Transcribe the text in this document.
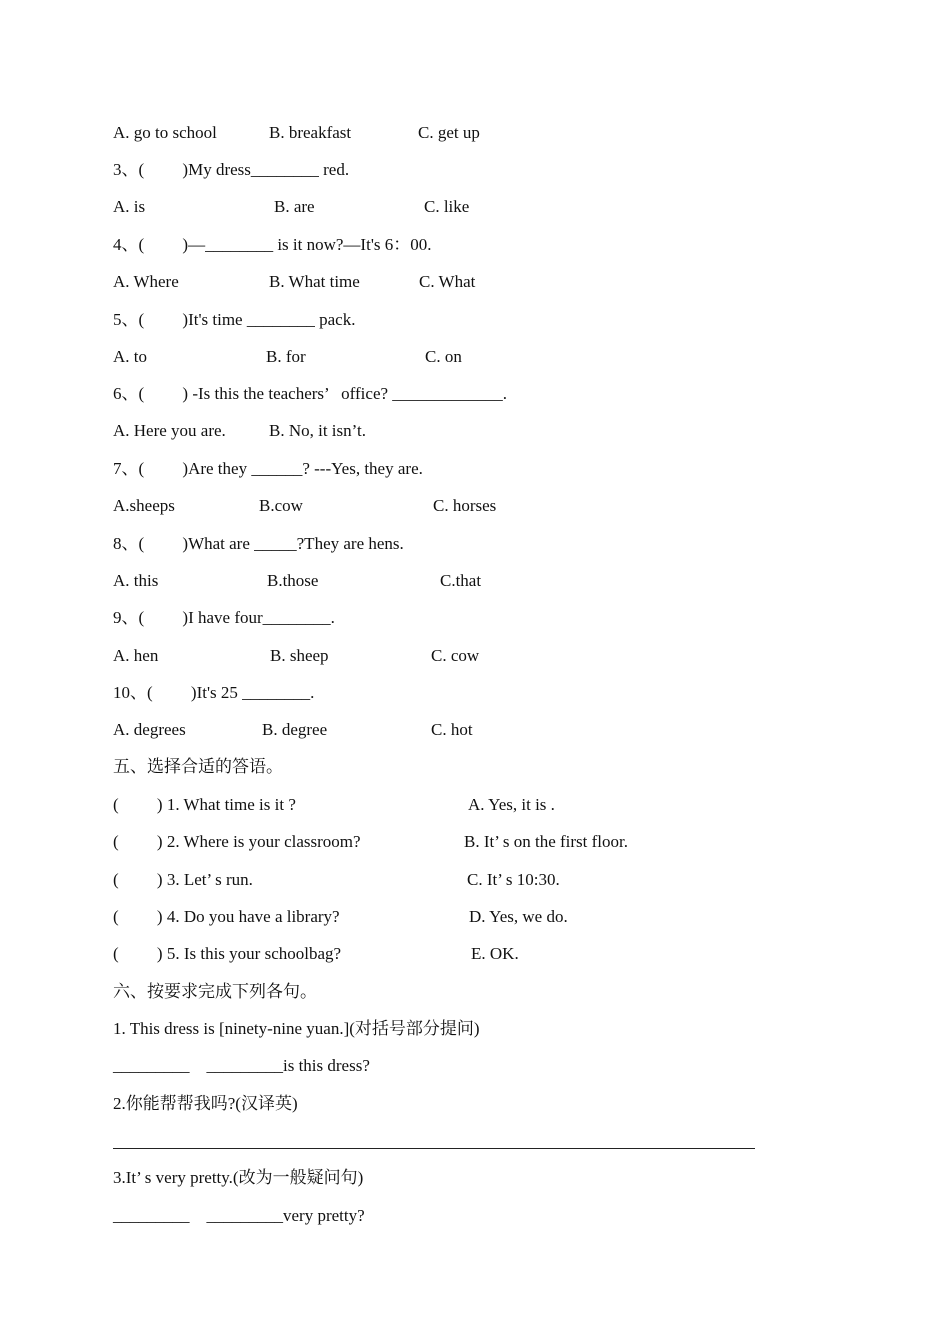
A. go to school	B. breakfast	C. get up
3、(         )My dress________ red.
A. is	B. are	C. like
4、(         )—________ is it now?—It's 6：00.
A. Where	B. What time	C. What
5、(         )It's time ________ pack.
A. to	B. for	C. on
6、(         ) -Is this the teachers’   office? _____________.
A. Here you are.	B. No, it isn’t.
7、(         )Are they ______? ---Yes, they are.
A.sheeps	B.cow	C. horses
8、(         )What are _____?They are hens.
A. this	B.those	C.that
9、(         )I have four________.
A. hen	B. sheep	C. cow
10、(         )It's 25 ________.
A. degrees	B. degree	C. hot
五、选择合适的答语。
(         ) 1. What time is it ?	A. Yes, it is .
(         ) 2. Where is your classroom?	B. It’ s on the first floor.
(         ) 3. Let’ s run.	C. It’ s 10:30.
(         ) 4. Do you have a library?	D. Yes, we do.
(         ) 5. Is this your schoolbag?	E. OK.
六、按要求完成下列各句。
1. This dress is [ninety-nine yuan.](对括号部分提问)
_________    _________is this dress?
2.你能帮帮我吗?(汉译英)
3.It’ s very pretty.(改为一般疑问句)
_________    _________very pretty?
